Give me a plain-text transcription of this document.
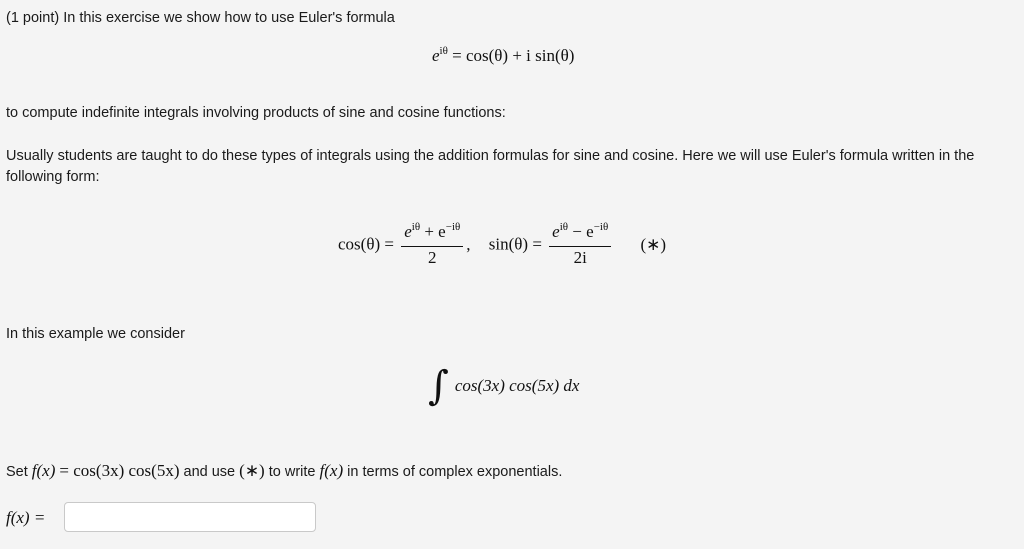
(1 point) In this exercise we show how to use Euler's formula
$e^{i\theta} = \cos(\theta) + i$ sin(θ)
to compute indefinite integrals involving products of sine and cosine functions:
Usually students are taught to do these types of integrals using the addition formulas for sine and cosine. Here we will use Euler's formula written in the
following form:
$\cos(\theta) = \frac{e^{i\theta} + e^{-i\theta}}{2}$ , $\sin(\theta) = \frac{e^{i\theta} - e^{-i\theta}}{2i}$ (∗)
In this example we consider
∫ cos(3x) cos(5x) dx
Set f(x) = cos(3x) cos(5x) and use (∗) to write f(x) in terms of complex exponentials.
f(x) =
